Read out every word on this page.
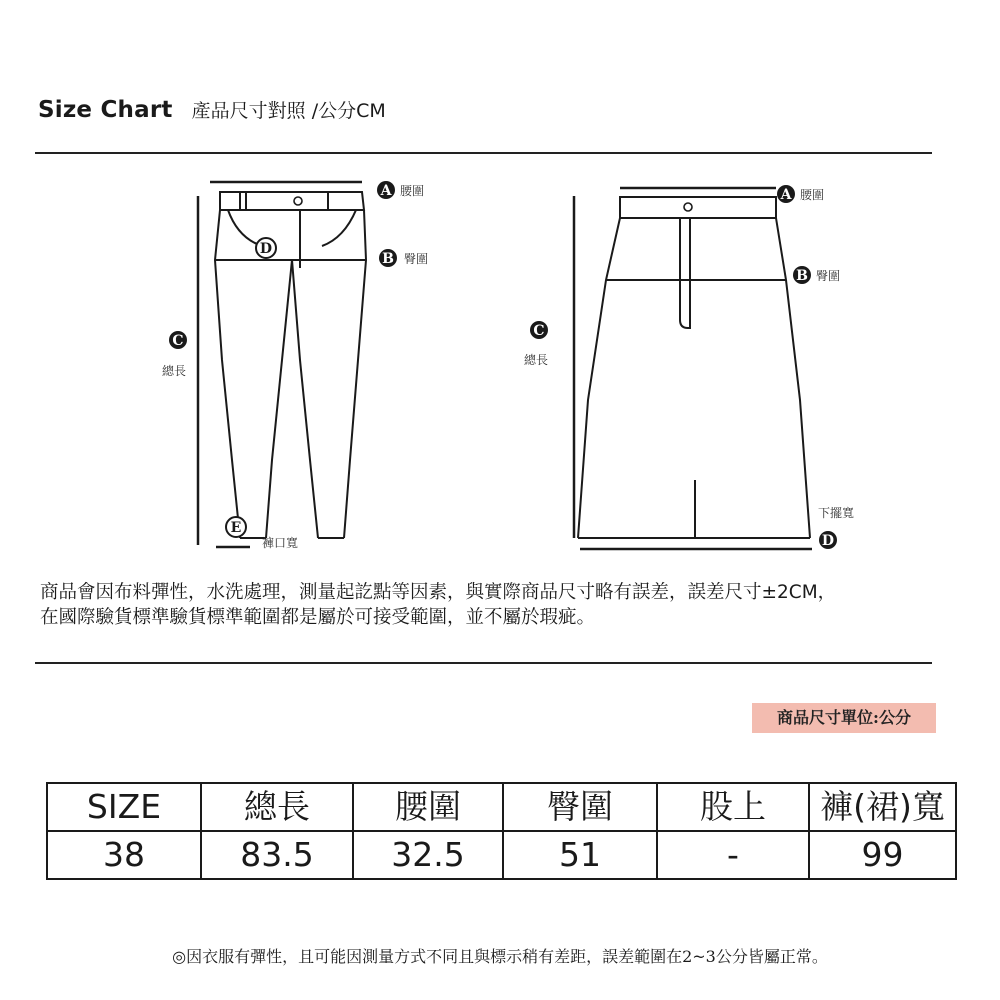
Size Chart 產品尺寸對照 /公分CM
A 腰圍
B 臀圍
C
總長
D
E
褲口寬
A 腰圍
B 臀圍
C
總長
下擺寬
D
商品會因布料彈性，水洗處理，測量起訖點等因素，與實際商品尺寸略有誤差，誤差尺寸±2CM，
在國際驗貨標準驗貨標準範圍都是屬於可接受範圍，並不屬於瑕疵。
商品尺寸單位:公分
SIZE	總長	腰圍	臀圍	股上	褲(裙)寬
38	83.5	32.5	51	-	99
◎因衣服有彈性，且可能因測量方式不同且與標示稍有差距，誤差範圍在2~3公分皆屬正常。
